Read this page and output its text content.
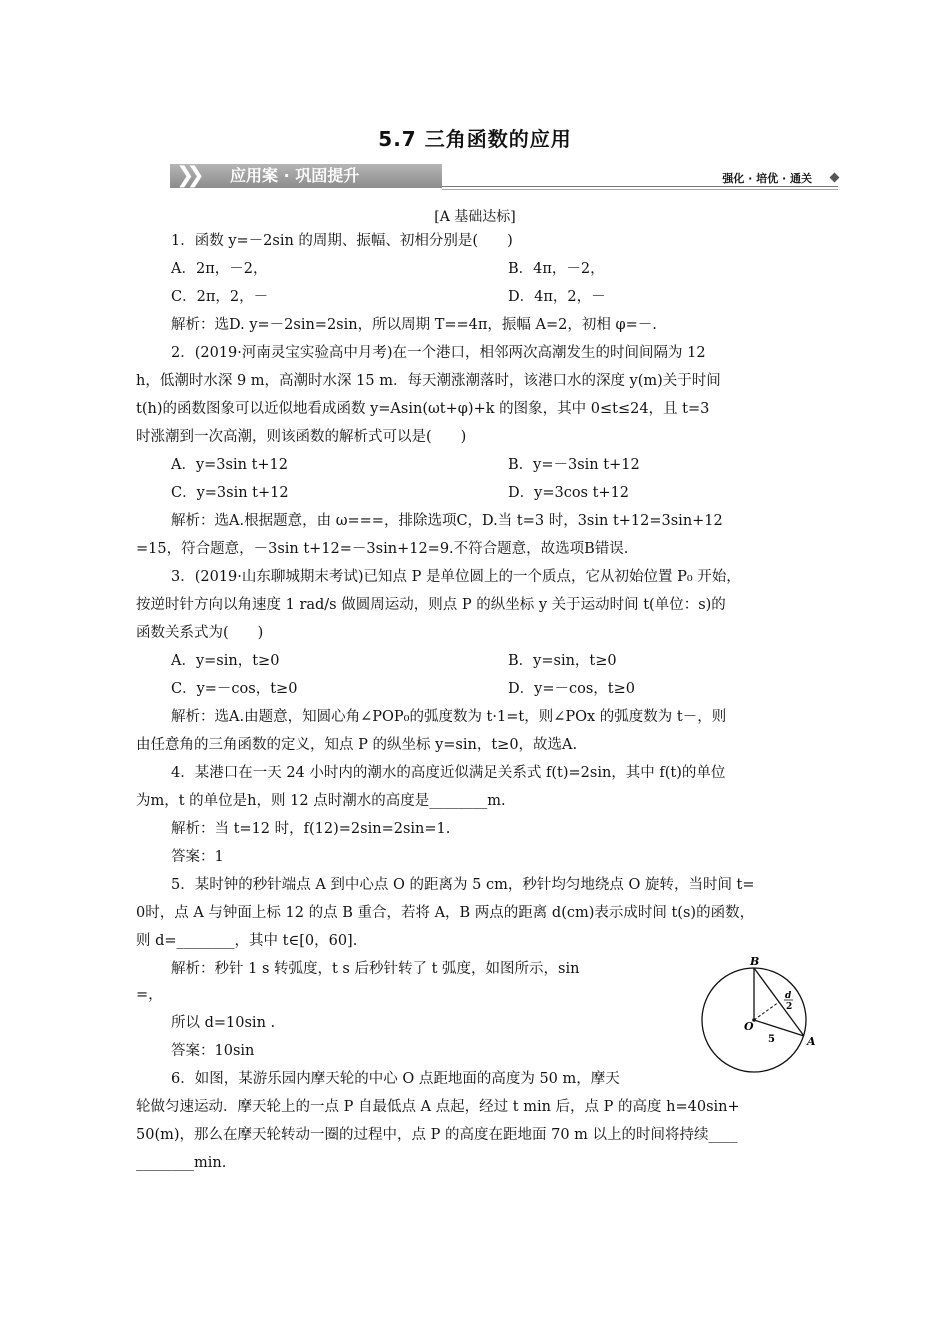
5.7 三角函数的应用
❯❯ 应用案 · 巩固提升	强化 · 培优 · 通关
[A 基础达标]
1．函数 y=－2sin 的周期、振幅、初相分别是(　　)
A．2π，－2，	B．4π，－2，
C．2π，2，－	D．4π，2，－
解析：选D. y=－2sin=2sin，所以周期 T==4π，振幅 A=2，初相 φ=－.
2．(2019·河南灵宝实验高中月考)在一个港口，相邻两次高潮发生的时间间隔为 12
h，低潮时水深 9 m，高潮时水深 15 m．每天潮涨潮落时，该港口水的深度 y(m)关于时间
t(h)的函数图象可以近似地看成函数 y=Asin(ωt+φ)+k 的图象，其中 0≤t≤24，且 t=3
时涨潮到一次高潮，则该函数的解析式可以是(　　)
A．y=3sin t+12	B．y=－3sin t+12
C．y=3sin t+12	D．y=3cos t+12
解析：选A.根据题意，由 ω===，排除选项C，D.当 t=3 时，3sin t+12=3sin+12
=15，符合题意，－3sin t+12=－3sin+12=9.不符合题意，故选项B错误.
3．(2019·山东聊城期末考试)已知点 P 是单位圆上的一个质点，它从初始位置 P₀ 开始，
按逆时针方向以角速度 1 rad/s 做圆周运动，则点 P 的纵坐标 y 关于运动时间 t(单位：s)的
函数关系式为(　　)
A．y=sin，t≥0	B．y=sin，t≥0
C．y=－cos，t≥0	D．y=－cos，t≥0
解析：选A.由题意，知圆心角∠POP₀的弧度数为 t·1=t，则∠POx 的弧度数为 t－，则
由任意角的三角函数的定义，知点 P 的纵坐标 y=sin，t≥0，故选A.
4．某港口在一天 24 小时内的潮水的高度近似满足关系式 f(t)=2sin，其中 f(t)的单位
为m，t 的单位是h，则 12 点时潮水的高度是________m.
解析：当 t=12 时，f(12)=2sin=2sin=1.
答案：1
5．某时钟的秒针端点 A 到中心点 O 的距离为 5 cm，秒针均匀地绕点 O 旋转，当时间 t=
0时，点 A 与钟面上标 12 的点 B 重合，若将 A，B 两点的距离 d(cm)表示成时间 t(s)的函数，
则 d=________，其中 t∈[0，60].
解析：秒针 1 s 转弧度，t s 后秒针转了 t 弧度，如图所示，sin
=，
所以 d=10sin .
答案：10sin
6．如图，某游乐园内摩天轮的中心 O 点距地面的高度为 50 m，摩天
轮做匀速运动．摩天轮上的一点 P 自最低点 A 点起，经过 t min 后，点 P 的高度 h=40sin+
50(m)，那么在摩天轮转动一圈的过程中，点 P 的高度在距地面 70 m 以上的时间将持续____
________min.
B
O
A
d
2
5
